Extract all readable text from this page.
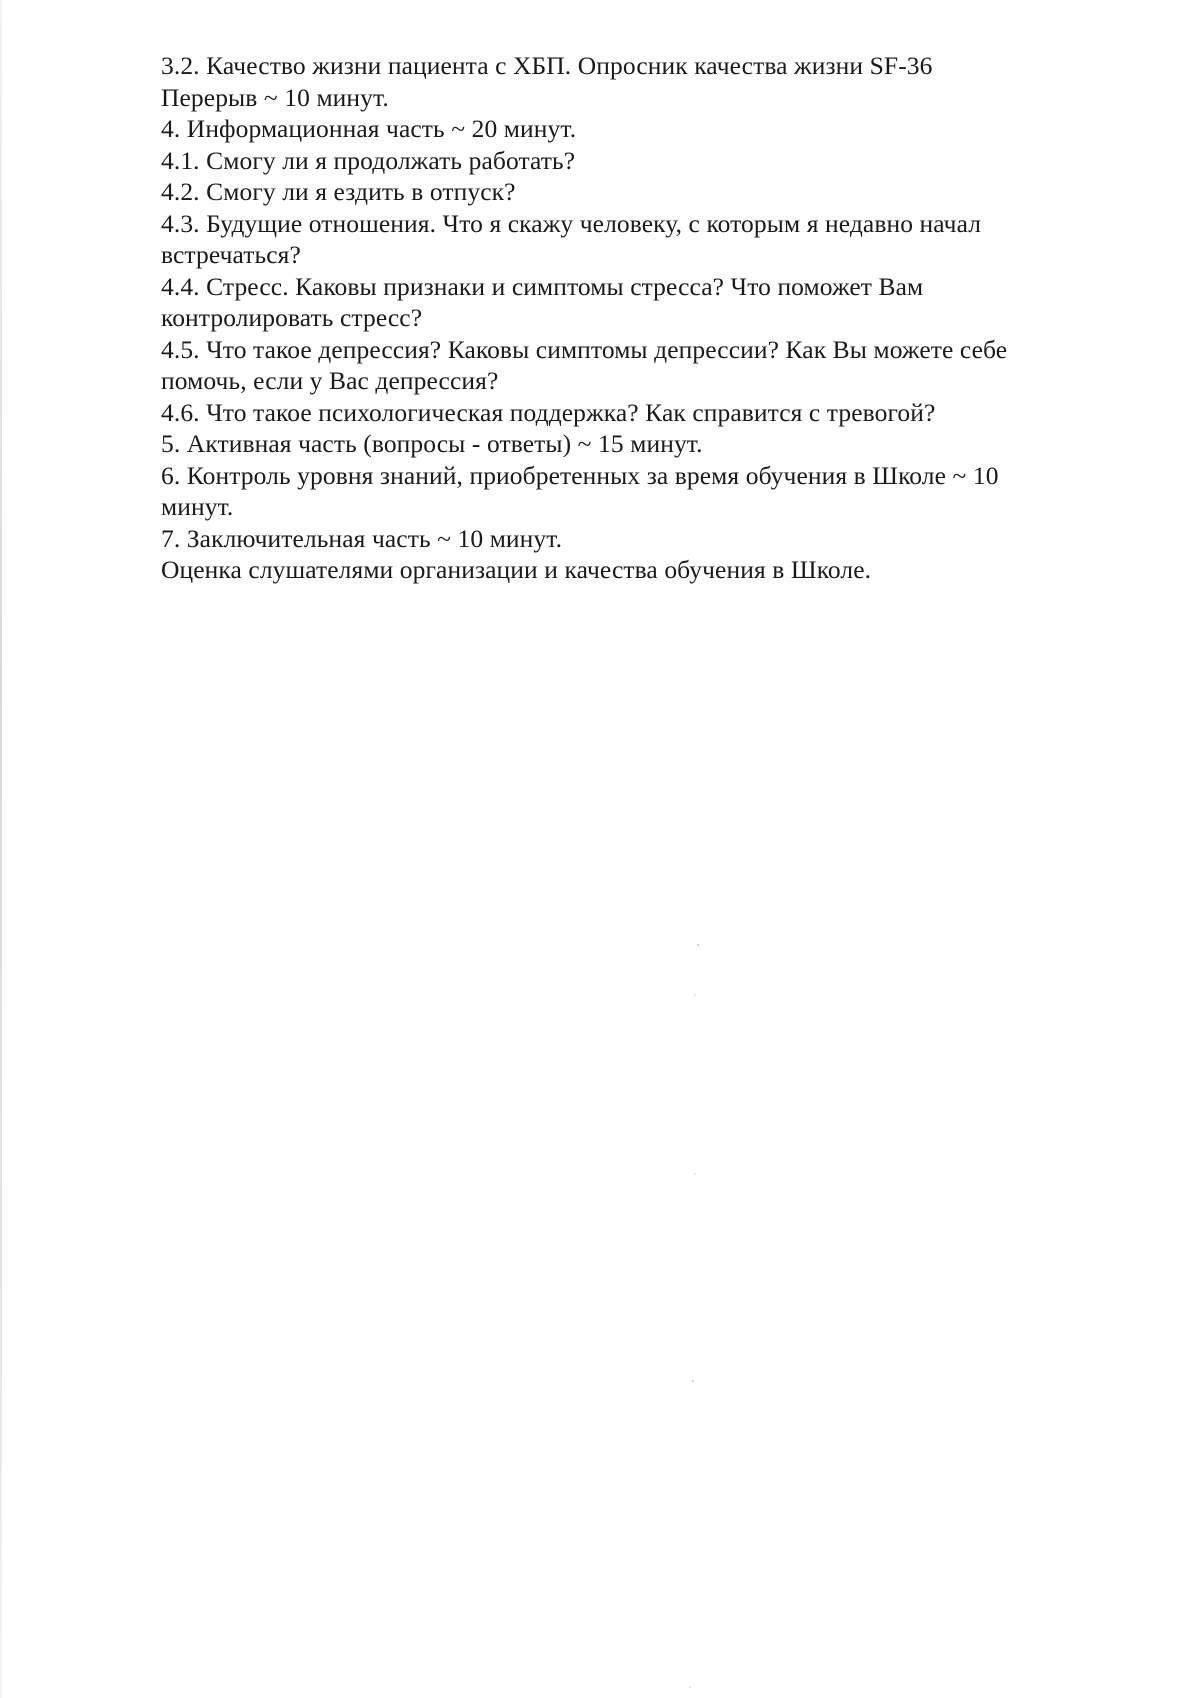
3.2. Качество жизни пациента с ХБП. Опросник качества жизни SF-36
Перерыв ~ 10 минут.
4. Информационная часть ~ 20 минут.
4.1. Смогу ли я продолжать работать?
4.2. Смогу ли я ездить в отпуск?
4.3. Будущие отношения. Что я скажу человеку, с которым я недавно начал
встречаться?
4.4. Стресс. Каковы признаки и симптомы стресса? Что поможет Вам
контролировать стресс?
4.5. Что такое депрессия? Каковы симптомы депрессии? Как Вы можете себе
помочь, если у Вас депрессия?
4.6. Что такое психологическая поддержка? Как справится с тревогой?
5. Активная часть (вопросы - ответы) ~ 15 минут.
6. Контроль уровня знаний, приобретенных за время обучения в Школе ~ 10
минут.
7. Заключительная часть ~ 10 минут.
Оценка слушателями организации и качества обучения в Школе.
